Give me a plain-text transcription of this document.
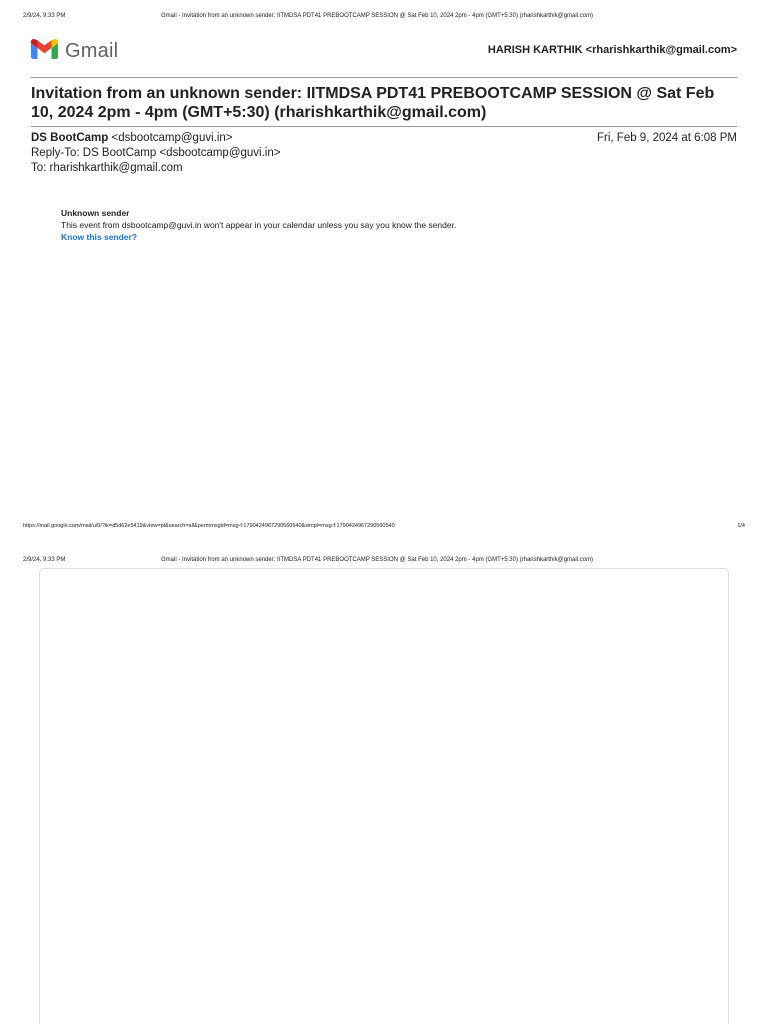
2/9/24, 9:33 PM	Gmail - Invitation from an unknown sender: IITMDSA PDT41 PREBOOTCAMP SESSION @ Sat Feb 10, 2024 2pm - 4pm (GMT+5:30) (rharishkarthik@gmail.com)
Gmail	HARISH KARTHIK <rharishkarthik@gmail.com>
Invitation from an unknown sender: IITMDSA PDT41 PREBOOTCAMP SESSION @ Sat Feb 10, 2024 2pm - 4pm (GMT+5:30) (rharishkarthik@gmail.com)
DS BootCamp <dsbootcamp@guvi.in>	Fri, Feb 9, 2024 at 6:08 PM
Reply-To: DS BootCamp <dsbootcamp@guvi.in>
To: rharishkarthik@gmail.com
Unknown sender
This event from dsbootcamp@guvi.in won't appear in your calendar unless you say you know the sender.
Know this sender?
https://mail.google.com/mail/u/0/?ik=d5d62e5419&view=pt&search=all&permmsgid=msg-f:1790424967290560540&simpl=msg-f:1790424967290560540	1/4
2/9/24, 9:33 PM	Gmail - Invitation from an unknown sender: IITMDSA PDT41 PREBOOTCAMP SESSION @ Sat Feb 10, 2024 2pm - 4pm (GMT+5:30) (rharishkarthik@gmail.com)
